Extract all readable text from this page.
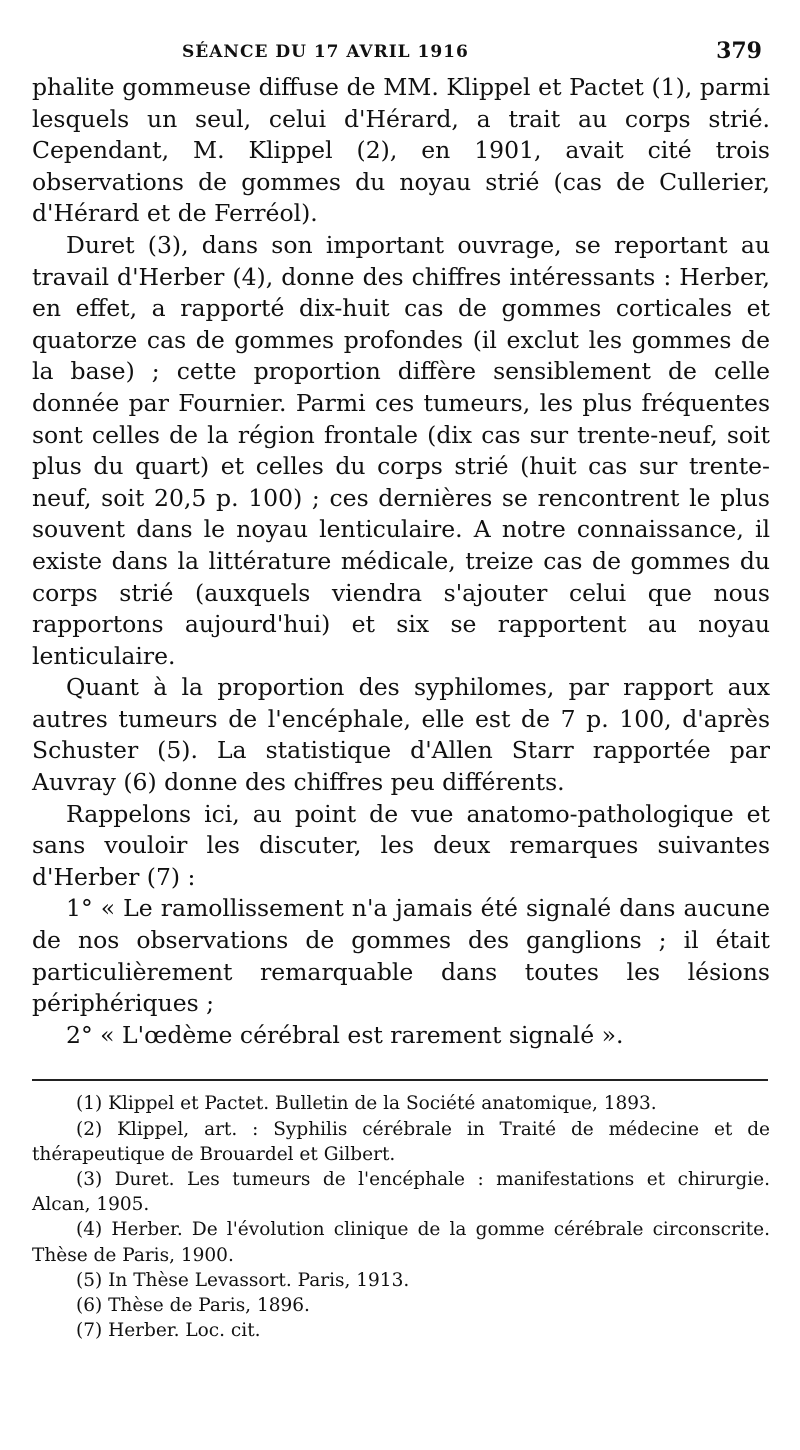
SÉANCE DU 17 AVRIL 1916	379

phalite gommeuse diffuse de MM. Klippel et Pactet (1), parmi lesquels un seul, celui d'Hérard, a trait au corps strié. Cependant, M. Klippel (2), en 1901, avait cité trois observations de gommes du noyau strié (cas de Cullerier, d'Hérard et de Ferréol).

Duret (3), dans son important ouvrage, se reportant au travail d'Herber (4), donne des chiffres intéressants : Herber, en effet, a rapporté dix-huit cas de gommes corticales et quatorze cas de gommes profondes (il exclut les gommes de la base) ; cette proportion diffère sensiblement de celle donnée par Fournier. Parmi ces tumeurs, les plus fréquentes sont celles de la région frontale (dix cas sur trente-neuf, soit plus du quart) et celles du corps strié (huit cas sur trente-neuf, soit 20,5 p. 100) ; ces dernières se rencontrent le plus souvent dans le noyau lenticulaire. A notre connaissance, il existe dans la littérature médicale, treize cas de gommes du corps strié (auxquels viendra s'ajouter celui que nous rapportons aujourd'hui) et six se rapportent au noyau lenticulaire.

Quant à la proportion des syphilomes, par rapport aux autres tumeurs de l'encéphale, elle est de 7 p. 100, d'après Schuster (5). La statistique d'Allen Starr rapportée par Auvray (6) donne des chiffres peu différents.

Rappelons ici, au point de vue anatomo-pathologique et sans vouloir les discuter, les deux remarques suivantes d'Herber (7) :

1° « Le ramollissement n'a jamais été signalé dans aucune de nos observations de gommes des ganglions ; il était particulièrement remarquable dans toutes les lésions périphériques ;

2° « L'œdème cérébral est rarement signalé ».

(1) Klippel et Pactet. Bulletin de la Société anatomique, 1893.

(2) Klippel, art. : Syphilis cérébrale in Traité de médecine et de thérapeutique de Brouardel et Gilbert.

(3) Duret. Les tumeurs de l'encéphale : manifestations et chirurgie. Alcan, 1905.

(4) Herber. De l'évolution clinique de la gomme cérébrale circonscrite. Thèse de Paris, 1900.

(5) In Thèse Levassort. Paris, 1913.

(6) Thèse de Paris, 1896.

(7) Herber. Loc. cit.
